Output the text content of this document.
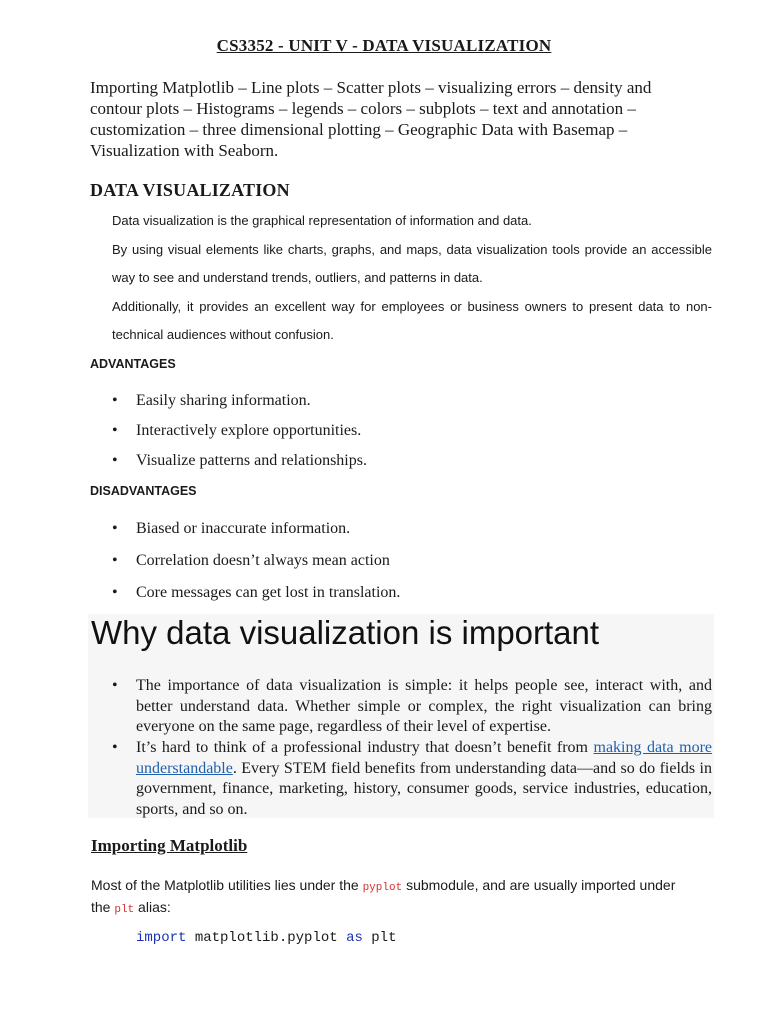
CS3352 - UNIT V - DATA VISUALIZATION
Importing Matplotlib – Line plots – Scatter plots – visualizing errors – density and contour plots – Histograms – legends – colors – subplots – text and annotation – customization – three dimensional plotting – Geographic Data with Basemap – Visualization with Seaborn.
DATA VISUALIZATION
Data visualization is the graphical representation of information and data.
By using visual elements like charts, graphs, and maps, data visualization tools provide an accessible way to see and understand trends, outliers, and patterns in data.
Additionally, it provides an excellent way for employees or business owners to present data to non-technical audiences without confusion.
ADVANTAGES
• Easily sharing information.
• Interactively explore opportunities.
• Visualize patterns and relationships.
DISADVANTAGES
• Biased or inaccurate information.
• Correlation doesn’t always mean action
• Core messages can get lost in translation.
Why data visualization is important
• The importance of data visualization is simple: it helps people see, interact with, and better understand data. Whether simple or complex, the right visualization can bring everyone on the same page, regardless of their level of expertise.
• It’s hard to think of a professional industry that doesn’t benefit from making data more understandable. Every STEM field benefits from understanding data—and so do fields in government, finance, marketing, history, consumer goods, service industries, education, sports, and so on.
Importing Matplotlib
Most of the Matplotlib utilities lies under the pyplot submodule, and are usually imported under the plt alias:
import matplotlib.pyplot as plt
